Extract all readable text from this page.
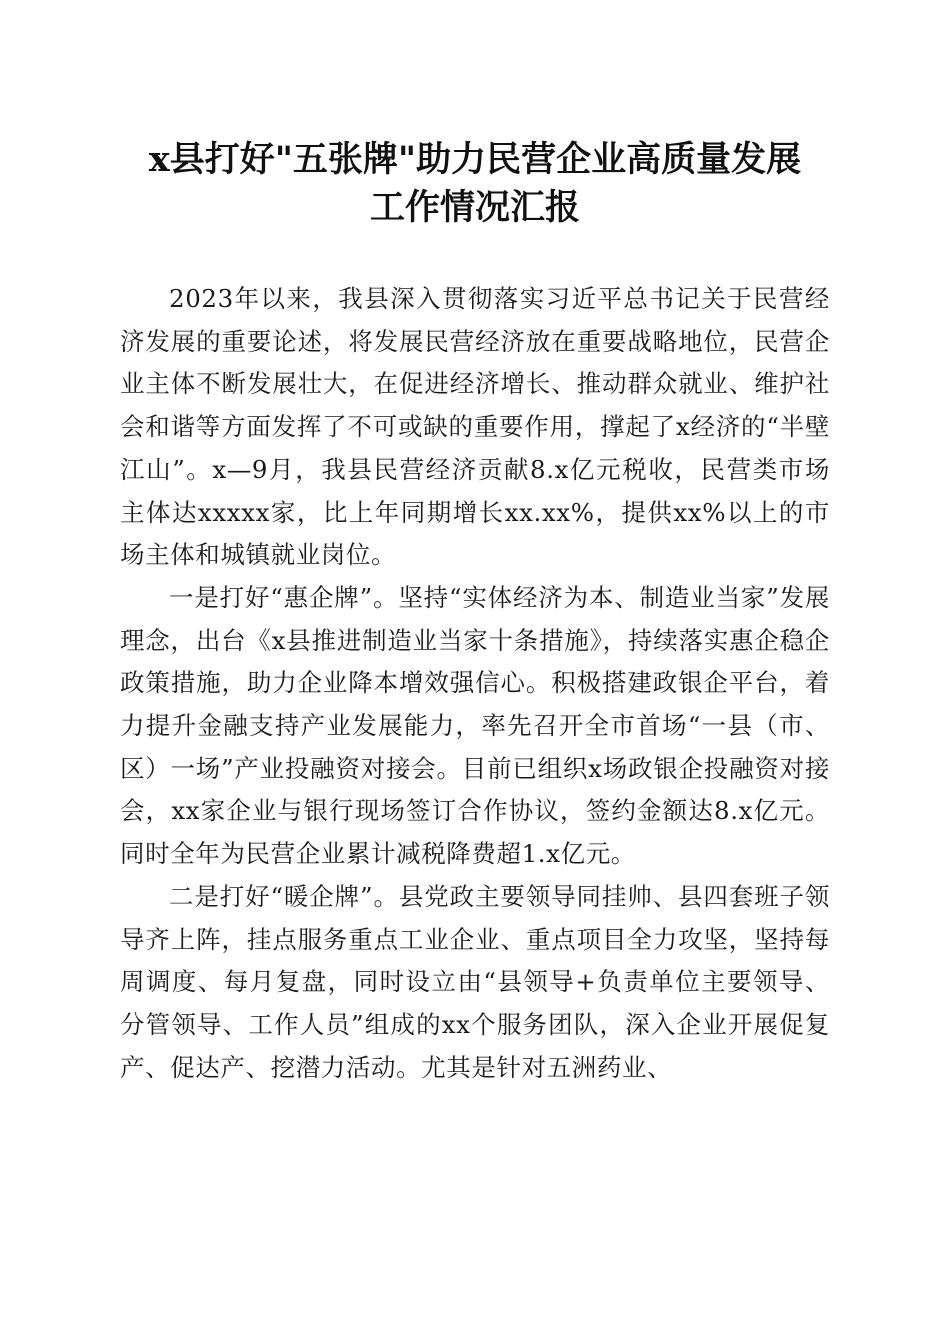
x县打好"五张牌"助力民营企业高质量发展
工作情况汇报

2023年以来，我县深入贯彻落实习近平总书记关于民营经济发展的重要论述，将发展民营经济放在重要战略地位，民营企业主体不断发展壮大，在促进经济增长、推动群众就业、维护社会和谐等方面发挥了不可或缺的重要作用，撑起了x经济的“半壁江山”。x—9月，我县民营经济贡献8.x亿元税收，民营类市场主体达xxxxx家，比上年同期增长xx.xx%，提供xx%以上的市场主体和城镇就业岗位。

一是打好“惠企牌”。坚持“实体经济为本、制造业当家”发展理念，出台《x县推进制造业当家十条措施》，持续落实惠企稳企政策措施，助力企业降本增效强信心。积极搭建政银企平台，着力提升金融支持产业发展能力，率先召开全市首场“一县（市、区）一场”产业投融资对接会。目前已组织x场政银企投融资对接会，xx家企业与银行现场签订合作协议，签约金额达8.x亿元。同时全年为民营企业累计减税降费超1.x亿元。

二是打好“暖企牌”。县党政主要领导同挂帅、县四套班子领导齐上阵，挂点服务重点工业企业、重点项目全力攻坚，坚持每周调度、每月复盘，同时设立由“县领导+负责单位主要领导、分管领导、工作人员”组成的xx个服务团队，深入企业开展促复产、促达产、挖潜力活动。尤其是针对五洲药业、
